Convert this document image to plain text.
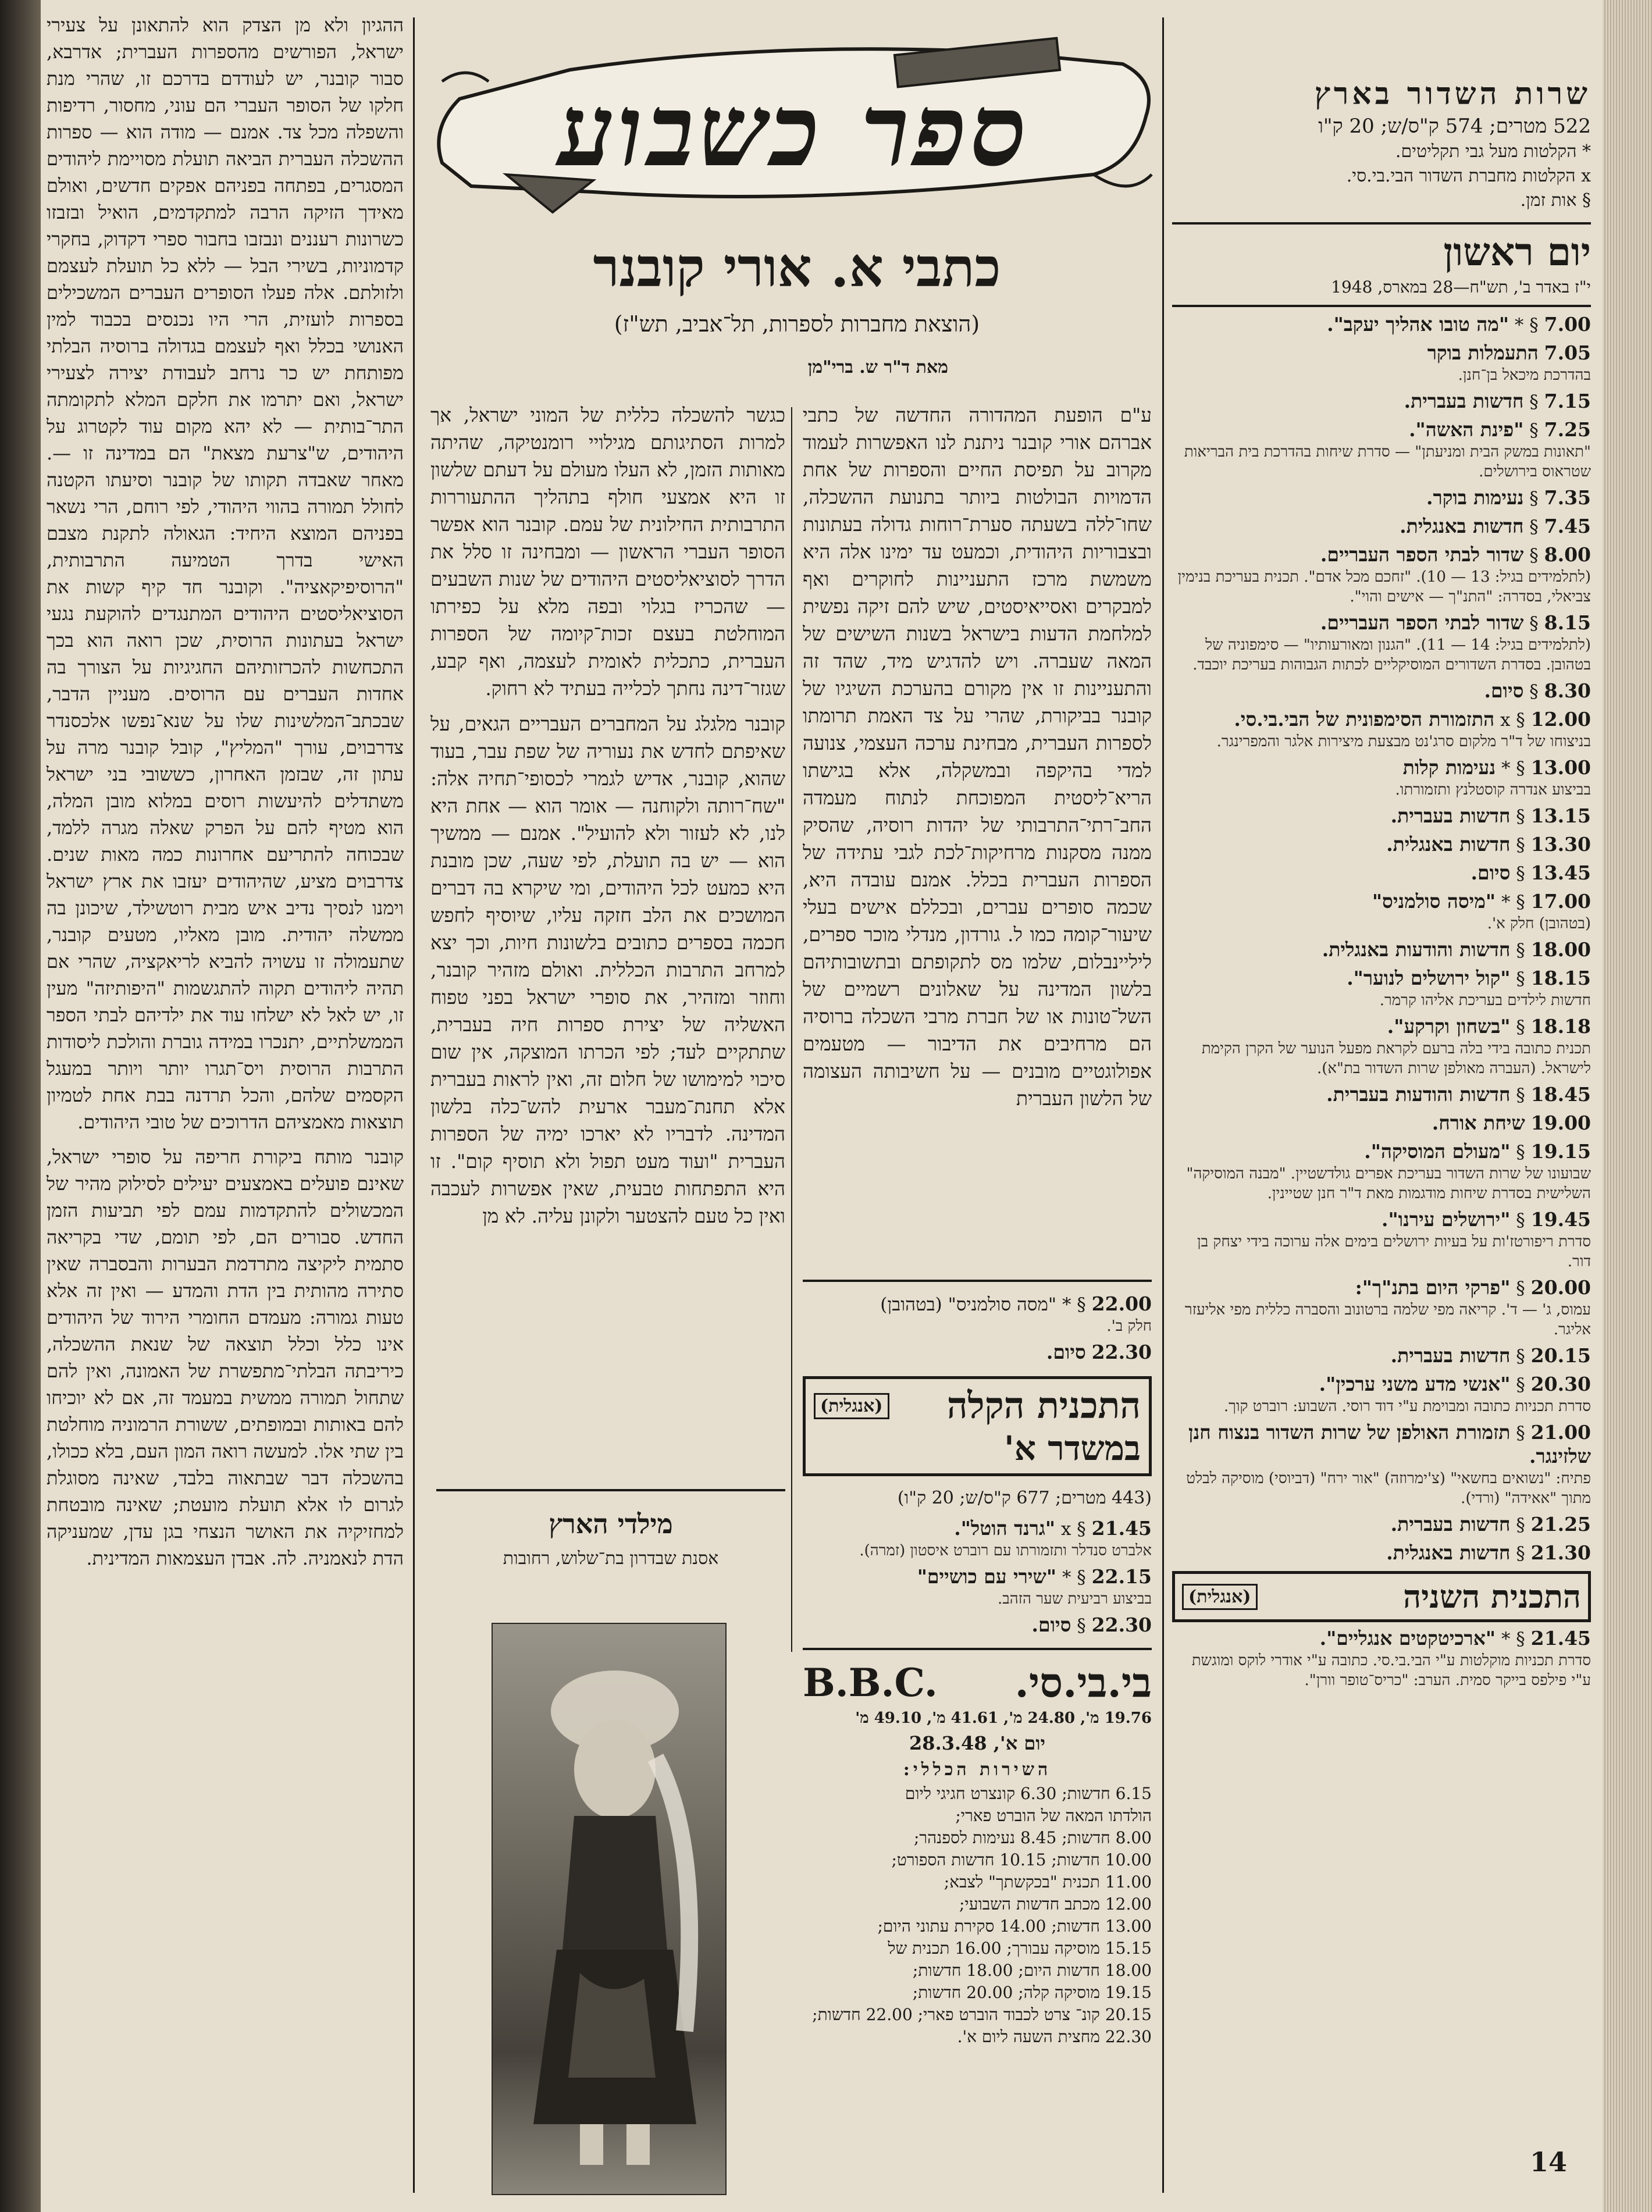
ההגיון ולא מן הצדק הוא להתאונן על צעירי ישראל, הפורשים מהספרות העברית; אדרבא, סבור קובנר, יש לעודדם בדרכם זו, שהרי מנת חלקו של הסופר העברי הם עוני, מחסור, רדיפות והשפלה מכל צד. אמנם — מודה הוא — ספרות ההשכלה העברית הביאה תועלת מסויימת ליהודים המסגרים, בפתחה בפניהם אפקים חדשים, ואולם מאידך הזיקה הרבה למתקדמים, הואיל ובזבזו כשרונות רעננים ונבזבו בחבור ספרי דקדוק, בחקרי קדמוניות, בשירי הבל — ללא כל תועלת לעצמם ולזולתם. אלה פעלו הסופרים העברים המשכילים בספרות לועזית, הרי היו נכנסים בכבוד למין האנושי בכלל ואף לעצמם בגדולה ברוסיה הבלתי מפותחת יש כר נרחב לעבודת יצירה לצעירי ישראל, ואם יתרמו את חלקם המלא לתקומתה התר־בותית — לא יהא מקום עוד לקטרוג על היהודים, ש"צרעת מצאת" הם במדינה זו —. מאחר שאבדה תקותו של קובנר וסיעתו הקטנה לחולל תמורה בהווי היהודי, לפי רוחם, הרי נשאר בפניהם המוצא היחיד: הגאולה לתקנת מצבם האישי בדרך הטמיעה התרבותית, "הרוסיפיקאציה". וקובנר חד קיף קשות את הסוציאליסטים היהודים המתנגדים להוקעת נגעי ישראל בעתונות הרוסית, שכן רואה הוא בכך התכחשות להכרזותיהם החגיגיות על הצורך בה אחדות העברים עם הרוסים. מעניין הדבר, שבכתב־המלשינות שלו על שנא־נפשו אלכסנדר צדרבוים, עורך "המליץ", קובל קובנר מרה על עתון זה, שבזמן האחרון, כששובי בני ישראל משתדלים להיעשות רוסים במלוא מובן המלה, הוא מטיף להם על הפרק שאלה מגרה ללמד, שבכוחה להתריעם אחרונות כמה מאות שנים. צדרבוים מציע, שהיהודים יעזבו את ארץ ישראל וימנו לנסיך נדיב איש מבית רוטשילד, שיכונן בה ממשלה יהודית. מובן מאליו, מטעים קובנר, שתעמולה זו עשויה להביא לריאקציה, שהרי אם תהיה ליהודים תקוה להתגשמות "היפותיזה" מעין זו, יש לאל לא ישלחו עוד את ילדיהם לבתי הספר הממשלתיים, יתנכרו במידה גוברת והולכת ליסודות התרבות הרוסית ויס־תגרו יותר ויותר במעגל הקסמים שלהם, והכל תרדנה בבת אחת לטמיון תוצאות מאמציהם הדרוכים של טובי היהודים.

קובנר מותח ביקורת חריפה על סופרי ישראל, שאינם פועלים באמצעים יעילים לסילוק מהיר של המכשולים להתקדמות עמם לפי תביעות הזמן החדש. סבורים הם, לפי תומם, שדי בקריאה סתמית ליקיצה מתרדמת הבערות והבסברה שאין סתירה מהותית בין הדת והמדע — ואין זה אלא טעות גמורה: מעמדם החומרי הירוד של היהודים אינו כלל וכלל תוצאה של שנאת ההשכלה, כיריבתה הבלתי־מתפשרת של האמונה, ואין להם שתחול תמורה ממשית במעמד זה, אם לא יוכיחו להם באותות ובמופתים, ששורת הרמוניה מוחלטת בין שתי אלו. למעשה רואה המון העם, בלא ככולו, בהשכלה דבר שבתאוה בלבד, שאינה מסוגלת לגרום לו אלא תועלת מועטת; שאינה מובטחת למחזיקיה את האושר הנצחי בגן עדן, שמעניקה הדת לנאמניה. לה. אבדן העצמאות המדינית.

ספר כשבוע
כתבי א. אורי קובנר
(הוצאת מחברות לספרות, תל־אביב, תש"ז)
מאת ד"ר ש. ברי"מן

ע"ם הופעת המהדורה החדשה של כתבי אברהם אורי קובנר ניתנת לנו האפשרות לעמוד מקרוב על תפיסת החיים והספרות של אחת הדמויות הבולטות ביותר בתנועת ההשכלה, שחו־ללה בשעתה סערת־רוחות גדולה בעתונות ובצבוריות היהודית, וכמעט עד ימינו אלה היא משמשת מרכז התעניינות לחוקרים ואף למבקרים ואסייאיסטים, שיש להם זיקה נפשית למלחמת הדעות בישראל בשנות השישים של המאה שעברה. ויש להדגיש מיד, שהד זה והתעניינות זו אין מקורם בהערכת השיגיו של קובנר בביקורת, שהרי על צד האמת תרומתו לספרות העברית, מבחינת ערכה העצמי, צנועה למדי בהיקפה ובמשקלה, אלא בגישתו הריא־ליסטית המפוכחת לנתוח מעמדה החב־רתי־התרבותי של יהדות רוסיה, שהסיק ממנה מסקנות מרחיקות־לכת לגבי עתידה של הספרות העברית בכלל. אמנם עובדה היא, שכמה סופרים עברים, ובכללם אישים בעלי שיעור־קומה כמו ל. גורדון, מנדלי מוכר ספרים, ליליינבלום, שלמו מס לתקופתם ובתשובותיהם בלשון המדינה על שאלונים רשמיים של השל־טונות או של חברת מרבי השכלה ברוסיה הם מרחיבים את הדיבור — מטעמים אפולוגטיים מובנים — על חשיבותה העצומה של הלשון העברית

כגשר להשכלה כללית של המוני ישראל, אך למרות הסתיגותם מגילויי רומנטיקה, שהיתה מאותות הזמן, לא העלו מעולם על דעתם שלשון זו היא אמצעי חולף בתהליך ההתעוררות התרבותית החילונית של עמם. קובנר הוא אפשר הסופר העברי הראשון — ומבחינה זו סלל את הדרך לסוציאליסטים היהודים של שנות השבעים — שהכריז בגלוי ובפה מלא על כפירתו המוחלטת בעצם זכות־קיומה של הספרות העברית, כתכלית לאומית לעצמה, ואף קבע, שגזר־דינה נחתך לכלייה בעתיד לא רחוק.

קובנר מלגלג על המחברים העבריים הגאים, על שאיפתם לחדש את נעוריה של שפת עבר, בעוד שהוא, קובנר, אדיש לגמרי לכסופי־תחיה אלה: "שח־רותה ולקוחנה — אומר הוא — אחת היא לנו, לא לעזור ולא להועיל". אמנם — ממשיך הוא — יש בה תועלת, לפי שעה, שכן מובנת היא כמעט לכל היהודים, ומי שיקרא בה דברים המושכים את הלב חזקה עליו, שיוסיף לחפש חכמה בספרים כתובים בלשונות חיות, וכך יצא למרחב התרבות הכללית. ואולם מזהיר קובנר, וחוזר ומזהיר, את סופרי ישראל בפני טפוח האשליה של יצירת ספרות חיה בעברית, שתתקיים לעד; לפי הכרתו המוצקה, אין שום סיכוי למימושו של חלום זה, ואין לראות בעברית אלא תחנת־מעבר ארעית להש־כלה בלשון המדינה. לדבריו לא יארכו ימיה של הספרות העברית "ועוד מעט תפול ולא תוסיף קום". זו היא התפתחות טבעית, שאין אפשרות לעכבה ואין כל טעם להצטער ולקונן עליה. לא מן

מילדי הארץ
אסנת שבדרון בת־שלוש, רחובות
22.00 § * "מסה סולמניס" (בטהובן)
חלק ב'.
22.30 סיום.
התכנית הקלה
(אנגלית)
במשדר א'
(443 מטרים; 677 ק"ס/ש; 20 ק"ו)
21.45 § x "גרנד הוטל".
אלברט סנדלר ותזמורתו עם רוברט איסטון (זמרה).
22.15 § * "שירי עם כושיים"
בביצוע רביעית שער הזהב.
22.30 § סיום.
בי.בי.סי.
B.B.C.
19.76 מ', 24.80 מ', 41.61 מ', 49.10 מ'
יום א', 28.3.48
השירות הכללי:
6.15 חדשות; 6.30 קונצרט חגיגי ליום
הולדתו המאה של הוברט פארי;
8.00 חדשות; 8.45 נעימות לספנהר;
10.00 חדשות; 10.15 חדשות הספורט;
11.00 תכנית "בכקשתך" לצבא;
12.00 מכתב חדשות השבועי;
13.00 חדשות; 14.00 סקירת עתוני היום;
15.15 מוסיקה עבורך; 16.00 תכנית של
18.00 חדשות היום; 18.00 חדשות;
19.15 מוסיקה קלה; 20.00 חדשות;
20.15 קונ־ צרט לכבוד הוברט פארי; 22.00 חדשות;
22.30 מחצית השעה ליום א'.
שרות השדור בארץ
522 מטרים; 574 ק"ס/ש; 20 ק"ו
* הקלטות מעל גבי תקליטים.
x הקלטות מחברת השדור הבי.בי.סי.
§ אות זמן.
יום ראשון
י"ז באדר ב', תש"ח—28 במארס, 1948
7.00 § * "מה טובו אהליך יעקב".
7.05 התעמלות בוקר
בהדרכת מיכאל בן־חנן.
7.15 § חדשות בעברית.
7.25 § "פינת האשה".
"תאונות במשק הבית ומניעתן" — סדרת שיחות בהדרכת בית הבריאות שטראוס בירושלים.
7.35 § נעימות בוקר.
7.45 § חדשות באנגלית.
8.00 § שדור לבתי הספר העבריים.
(לתלמידים בגיל: 13 — 10). "זחכם מכל אדם". תכנית בעריכת בנימין צביאלי, בסדרה: "התנ"ך — אישים והוי".
8.15 § שדור לבתי הספר העבריים.
(לתלמידים בגיל: 14 — 11). "הגנון ומאורעותיו" — סימפוניה של בטהובן. בסדרת השדורים המוסיקליים לכתות הגבוהות בעריכת יוכבד.
8.30 § סיום.
12.00 § x התזמורת הסימפונית של הבי.בי.סי.
בניצוחו של ד"ר מלקום סרג'נט מבצעת מיצירות אלגר והמפרינגר.
13.00 § * נעימות קלות
בביצוע אנדרה קוסטלנץ ותזמורתו.
13.15 § חדשות בעברית.
13.30 § חדשות באנגלית.
13.45 § סיום.
17.00 § * "מיסה סולמניס"
(בטהובן) חלק א'.
18.00 § חדשות והודעות באנגלית.
18.15 § "קול ירושלים לנוער".
חדשות לילדים בעריכת אליהו קרמר.
18.18 § "בשחון וקרקע".
תכנית כתובה בידי בלה ברעם לקראת מפעל הנוער של הקרן הקימת לישראל. (העברה מאולפן שרות השדור בת"א).
18.45 § חדשות והודעות בעברית.
19.00 שיחת אורח.
19.15 § "מעולם המוסיקה".
שבועונו של שרות השדור בעריכת אפרים גולדשטיין. "מבנה המוסיקה" השלישית בסדרת שיחות מודגמות מאת ד"ר חנן שטיינין.
19.45 § "ירושלים עירנו".
סדרת ריפורטז'ות על בעיות ירושלים בימים אלה ערוכה בידי יצחק בן דור.
20.00 § "פרקי היום בתנ"ך":
עמוס, ג' — ד'. קריאה מפי שלמה ברטונוב והסברה כללית מפי אליעזר אליגר.
20.15 § חדשות בעברית.
20.30 § "אנשי מדע משני ערכין".
סדרת תכניות כתובה ומבוימת ע"י דוד רוסי. השבוע: רוברט קוך.
21.00 § תזמורת האולפן של שרות השדור בנצוח חנן שלזינגר.
פתיח: "נשואים בחשאי" (צ'ימרוזה) "אור ירח" (דביוסי) מוסיקה לבלט מתוך "אאידה" (ורדי).
21.25 § חדשות בעברית.
21.30 § חדשות באנגלית.
התכנית השניה
(אנגלית)
21.45 § * "ארכיטקטים אנגליים".
סדרת תכניות מוקלטות ע"י הבי.בי.סי. כתובה ע"י אודרי לוקס ומוגשת ע"י פילפס בייקר סמית. הערב: "כריס־טופר וורן".
14
